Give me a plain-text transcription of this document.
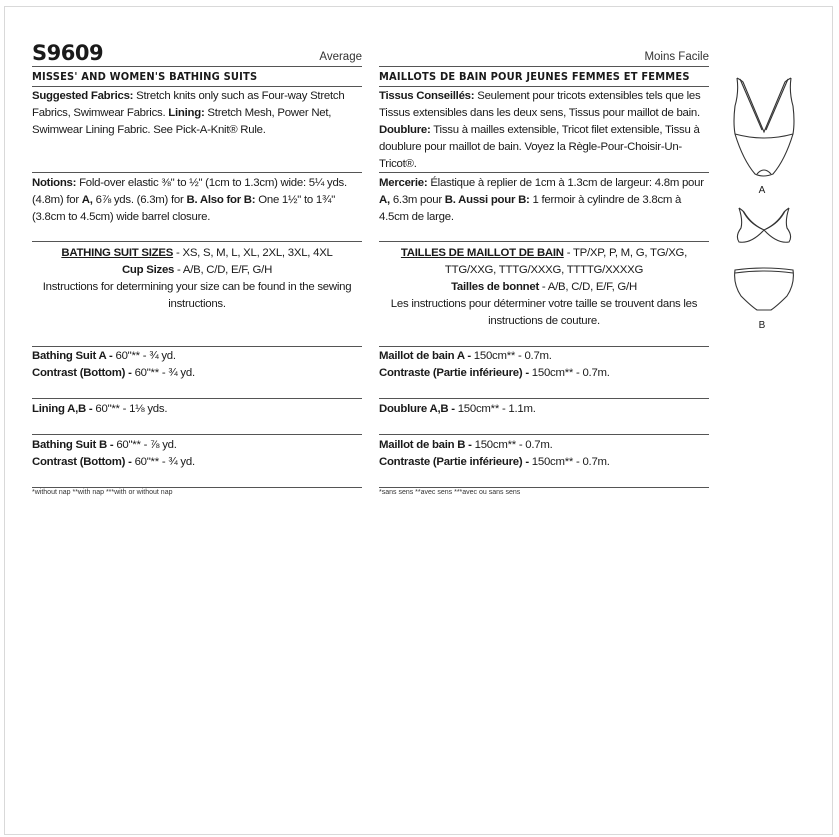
S9609	Average
MISSES' AND WOMEN'S BATHING SUITS
Suggested Fabrics: Stretch knits only such as Four-way Stretch Fabrics, Swimwear Fabrics. Lining: Stretch Mesh, Power Net, Swimwear Lining Fabric. See Pick-A-Knit® Rule.
Notions: Fold-over elastic ⅜" to ½" (1cm to 1.3cm) wide: 5¼ yds. (4.8m) for A, 6⅞ yds. (6.3m) for B. Also for B: One 1½" to 1¾" (3.8cm to 4.5cm) wide barrel closure.
BATHING SUIT SIZES - XS, S, M, L, XL, 2XL, 3XL, 4XL
Cup Sizes - A/B, C/D, E/F, G/H
Instructions for determining your size can be found in the sewing instructions.
Bathing Suit A - 60"** - ¾ yd.
Contrast (Bottom) - 60"** - ¾ yd.
Lining A,B - 60"** - 1⅛ yds.
Bathing Suit B - 60"** - ⅞ yd.
Contrast (Bottom) - 60"** - ¾ yd.
*without nap **with nap ***with or without nap
Moins Facile
MAILLOTS DE BAIN POUR JEUNES FEMMES ET FEMMES
Tissus Conseillés: Seulement pour tricots extensibles tels que les Tissus extensibles dans les deux sens, Tissus pour maillot de bain. Doublure: Tissu à mailles extensible, Tricot filet extensible, Tissu à doublure pour maillot de bain. Voyez la Règle-Pour-Choisir-Un-Tricot®.
Mercerie: Élastique à replier de 1cm à 1.3cm de largeur: 4.8m pour A, 6.3m pour B. Aussi pour B: 1 fermoir à cylindre de 3.8cm à 4.5cm de large.
TAILLES DE MAILLOT DE BAIN - TP/XP, P, M, G, TG/XG, TTG/XXG, TTTG/XXXG, TTTTG/XXXXG
Tailles de bonnet - A/B, C/D, E/F, G/H
Les instructions pour déterminer votre taille se trouvent dans les instructions de couture.
Maillot de bain A - 150cm** - 0.7m.
Contraste (Partie inférieure) - 150cm** - 0.7m.
Doublure A,B - 150cm** - 1.1m.
Maillot de bain B - 150cm** - 0.7m.
Contraste (Partie inférieure) - 150cm** - 0.7m.
*sans sens **avec sens ***avec ou sans sens
A
B
